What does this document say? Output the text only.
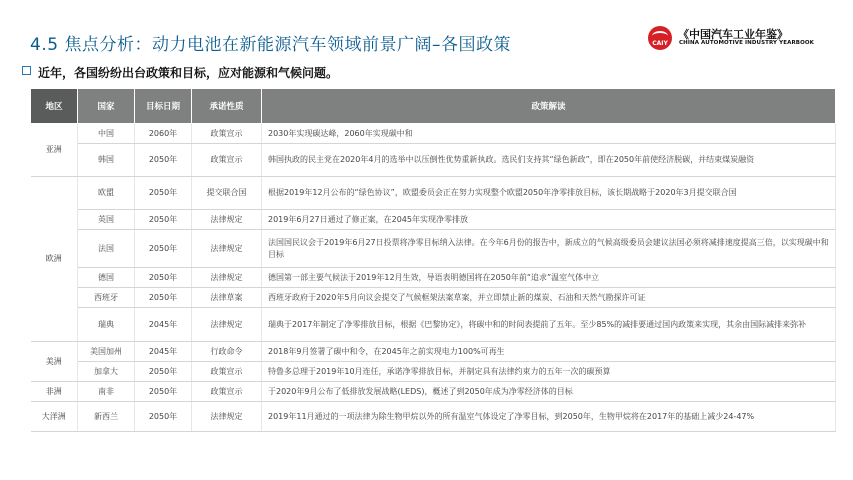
4.5 焦点分析：动力电池在新能源汽车领域前景广阔–各国政策	CAIY
《中国汽车工业年鉴》
CHINA AUTOMOTIVE INDUSTRY YEARBOOK
近年，各国纷纷出台政策和目标，应对能源和气候问题。
地区	国家	目标日期	承诺性质	政策解读
亚洲	中国	2060年	政策宣示	2030年实现碳达峰，2060年实现碳中和
	韩国	2050年	政策宣示	韩国执政的民主党在2020年4月的选举中以压倒性优势重新执政。选民们支持其“绿色新政”，即在2050年前使经济脱碳，并结束煤炭融资
欧洲	欧盟	2050年	提交联合国	根据2019年12月公布的“绿色协议”，欧盟委员会正在努力实现整个欧盟2050年净零排放目标，该长期战略于2020年3月提交联合国
	英国	2050年	法律规定	2019年6月27日通过了修正案，在2045年实现净零排放
	法国	2050年	法律规定	法国国民议会于2019年6月27日投票将净零目标纳入法律。在今年6月份的报告中，新成立的气候高级委员会建议法国必须将减排速度提高三倍，以实现碳中和目标
	德国	2050年	法律规定	德国第一部主要气候法于2019年12月生效，导语表明德国将在2050年前“追求”温室气体中立
	西班牙	2050年	法律草案	西班牙政府于2020年5月向议会提交了气候框架法案草案，并立即禁止新的煤炭、石油和天然气勘探许可证
	瑞典	2045年	法律规定	瑞典于2017年制定了净零排放目标，根据《巴黎协定》，将碳中和的时间表提前了五年。至少85%的减排要通过国内政策来实现，其余由国际减排来弥补
美洲	美国加州	2045年	行政命令	2018年9月签署了碳中和令，在2045年之前实现电力100%可再生
	加拿大	2050年	政策宣示	特鲁多总理于2019年10月连任，承诺净零排放目标，并制定具有法律约束力的五年一次的碳预算
非洲	南非	2050年	政策宣示	于2020年9月公布了低排放发展战略(LEDS)，概述了到2050年成为净零经济体的目标
大洋洲	新西兰	2050年	法律规定	2019年11月通过的一项法律为除生物甲烷以外的所有温室气体设定了净零目标，到2050年，生物甲烷将在2017年的基础上减少24-47%
